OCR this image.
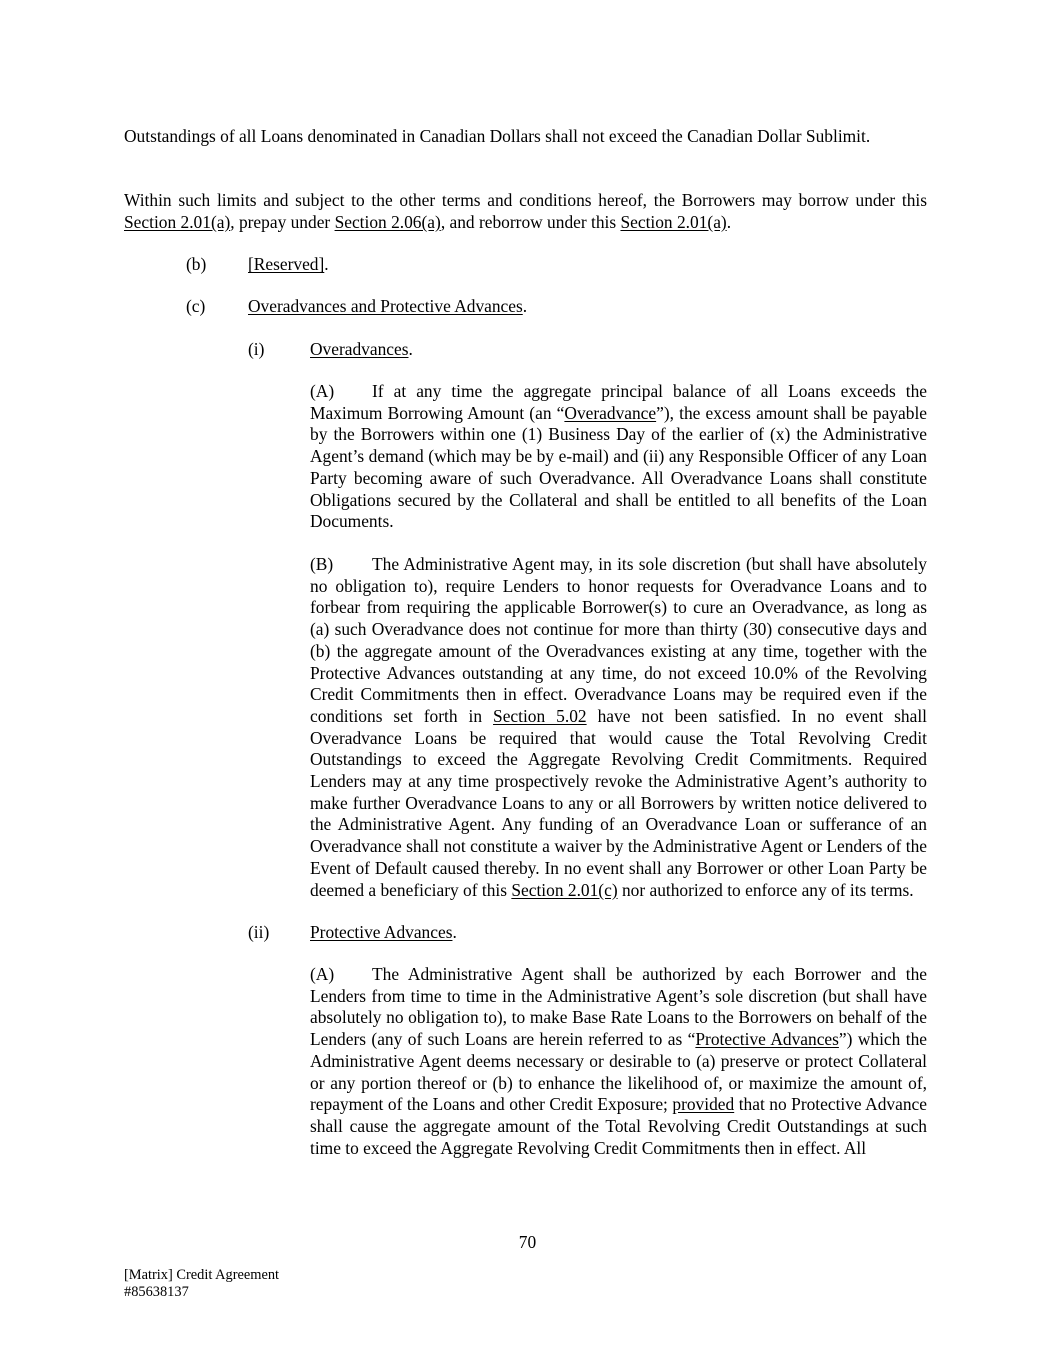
Outstandings of all Loans denominated in Canadian Dollars shall not exceed the Canadian Dollar Sublimit.
Within such limits and subject to the other terms and conditions hereof, the Borrowers may borrow under this Section 2.01(a), prepay under Section 2.06(a), and reborrow under this Section 2.01(a).
(b) [Reserved].
(c) Overadvances and Protective Advances.
(i)	Overadvances.
(A) If at any time the aggregate principal balance of all Loans exceeds the Maximum Borrowing Amount (an “Overadvance”), the excess amount shall be payable by the Borrowers within one (1) Business Day of the earlier of (x) the Administrative Agent’s demand (which may be by e-mail) and (ii) any Responsible Officer of any Loan Party becoming aware of such Overadvance. All Overadvance Loans shall constitute Obligations secured by the Collateral and shall be entitled to all benefits of the Loan Documents.
(B) The Administrative Agent may, in its sole discretion (but shall have absolutely no obligation to), require Lenders to honor requests for Overadvance Loans and to forbear from requiring the applicable Borrower(s) to cure an Overadvance, as long as (a) such Overadvance does not continue for more than thirty (30) consecutive days and (b) the aggregate amount of the Overadvances existing at any time, together with the Protective Advances outstanding at any time, do not exceed 10.0% of the Revolving Credit Commitments then in effect. Overadvance Loans may be required even if the conditions set forth in Section 5.02 have not been satisfied. In no event shall Overadvance Loans be required that would cause the Total Revolving Credit Outstandings to exceed the Aggregate Revolving Credit Commitments. Required Lenders may at any time prospectively revoke the Administrative Agent’s authority to make further Overadvance Loans to any or all Borrowers by written notice delivered to the Administrative Agent. Any funding of an Overadvance Loan or sufferance of an Overadvance shall not constitute a waiver by the Administrative Agent or Lenders of the Event of Default caused thereby. In no event shall any Borrower or other Loan Party be deemed a beneficiary of this Section 2.01(c) nor authorized to enforce any of its terms.
(ii) Protective Advances.
(A) The Administrative Agent shall be authorized by each Borrower and the Lenders from time to time in the Administrative Agent’s sole discretion (but shall have absolutely no obligation to), to make Base Rate Loans to the Borrowers on behalf of the Lenders (any of such Loans are herein referred to as “Protective Advances”) which the Administrative Agent deems necessary or desirable to (a) preserve or protect Collateral or any portion thereof or (b) to enhance the likelihood of, or maximize the amount of, repayment of the Loans and other Credit Exposure; provided that no Protective Advance shall cause the aggregate amount of the Total Revolving Credit Outstandings at such time to exceed the Aggregate Revolving Credit Commitments then in effect. All
70
[Matrix] Credit Agreement
#85638137
